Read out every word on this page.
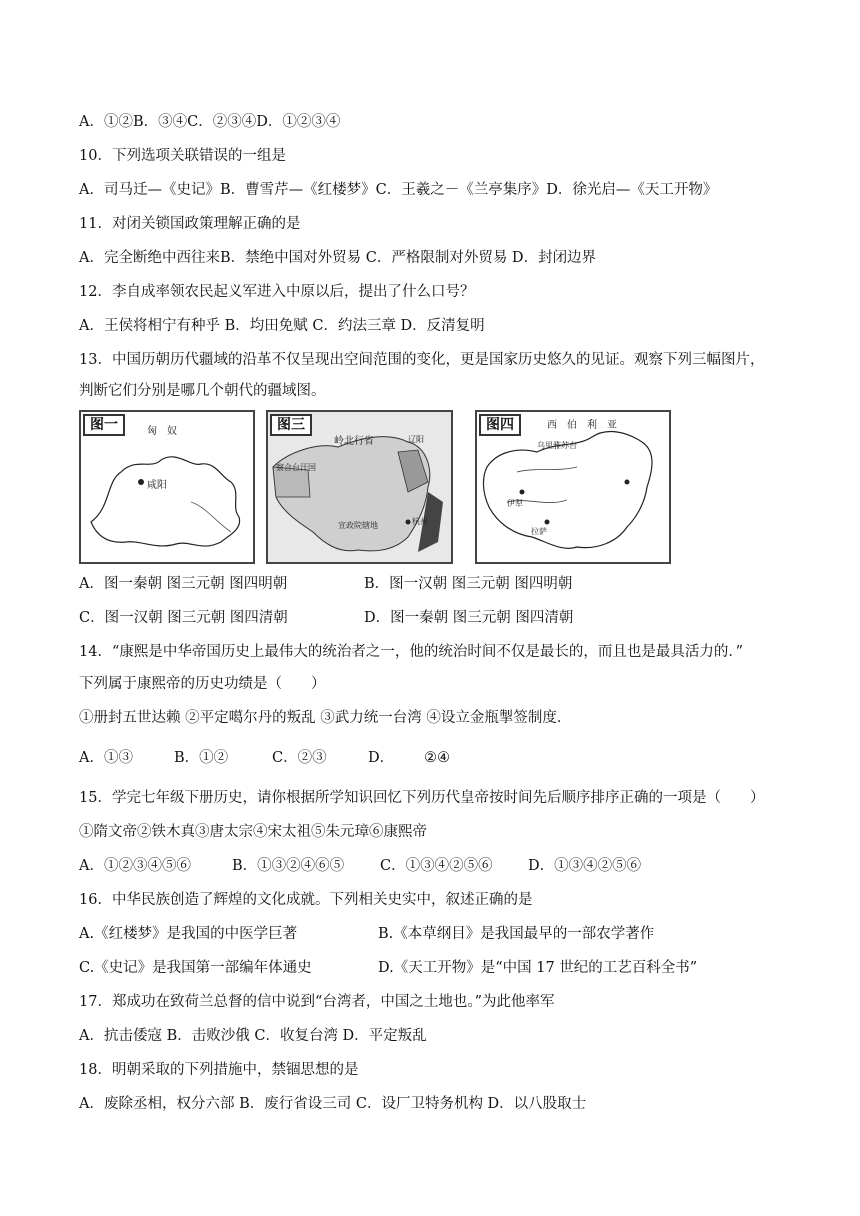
A．①②B．③④C．②③④D．①②③④
10．下列选项关联错误的一组是
A．司马迁—《史记》B．曹雪芹—《红楼梦》C．王羲之－《兰亭集序》D．徐光启—《天工开物》
11．对闭关锁国政策理解正确的是
A．完全断绝中西往来B．禁绝中国对外贸易 C．严格限制对外贸易 D．封闭边界
12．李自成率领农民起义军进入中原以后，提出了什么口号？
A．王侯将相宁有种乎 B．均田免赋 C．约法三章 D．反清复明
13．中国历朝历代疆域的沿革不仅呈现出空间范围的变化，更是国家历史悠久的见证。观察下列三幅图片，
判断它们分别是哪几个朝代的疆域图。
图一	匈　奴
咸阳
图三
岭北行省
察合台汗国
辽阳
宣政院辖地	杭州
图四	西　伯　利　亚
乌里雅苏台
伊犁
拉萨
A．图一秦朝 图三元朝 图四明朝	B．图一汉朝 图三元朝 图四明朝
C．图一汉朝 图三元朝 图四清朝	D．图一秦朝 图三元朝 图四清朝
14．“康熙是中华帝国历史上最伟大的统治者之一，他的统治时间不仅是最长的，而且也是最具活力的．”
下列属于康熙帝的历史功绩是（　　）
①册封五世达赖 ②平定噶尔丹的叛乱 ③武力统一台湾 ④设立金瓶掣签制度．
A．①③	B．①②	C．②③	D． ②④
15．学完七年级下册历史，请你根据所学知识回忆下列历代皇帝按时间先后顺序排序正确的一项是（　　）
①隋文帝②铁木真③唐太宗④宋太祖⑤朱元璋⑥康熙帝
A．①②③④⑤⑥	B．①③②④⑥⑤ C．①③④②⑤⑥ D．①③④②⑤⑥
16．中华民族创造了辉煌的文化成就。下列相关史实中，叙述正确的是
A.《红楼梦》是我国的中医学巨著	B.《本草纲目》是我国最早的一部农学著作
C.《史记》是我国第一部编年体通史	D.《天工开物》是“中国 17 世纪的工艺百科全书”
17．郑成功在致荷兰总督的信中说到“台湾者，中国之土地也。”为此他率军
A．抗击倭寇 B．击败沙俄 C．收复台湾 D．平定叛乱
18．明朝采取的下列措施中，禁锢思想的是
A．废除丞相，权分六部 B．废行省设三司 C．设厂卫特务机构 D．以八股取士
